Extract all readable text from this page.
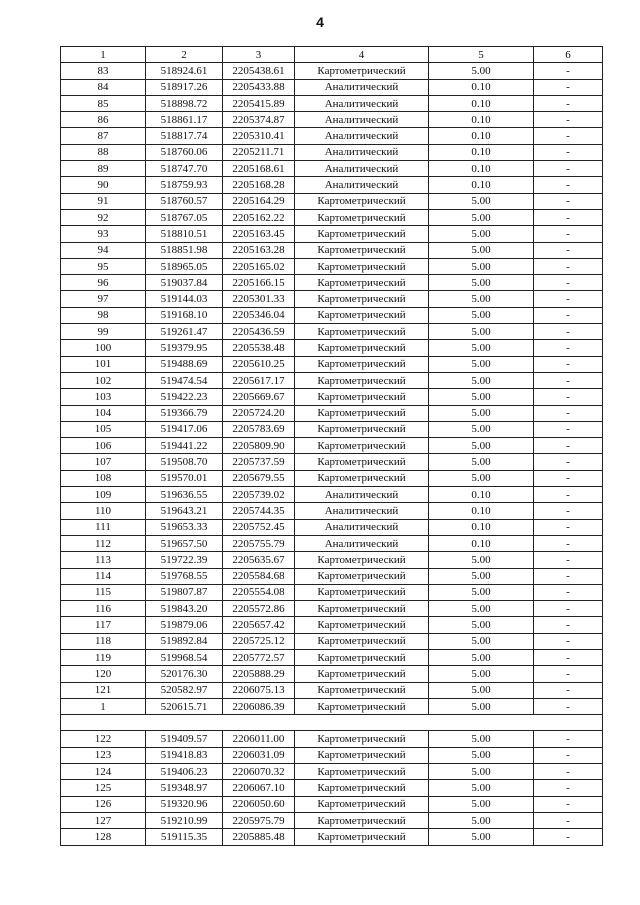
4
1	2	3	4	5	6
83	518924.61	2205438.61	Картометрический	5.00	-
84	518917.26	2205433.88	Аналитический	0.10	-
85	518898.72	2205415.89	Аналитический	0.10	-
86	518861.17	2205374.87	Аналитический	0.10	-
87	518817.74	2205310.41	Аналитический	0.10	-
88	518760.06	2205211.71	Аналитический	0.10	-
89	518747.70	2205168.61	Аналитический	0.10	-
90	518759.93	2205168.28	Аналитический	0.10	-
91	518760.57	2205164.29	Картометрический	5.00	-
92	518767.05	2205162.22	Картометрический	5.00	-
93	518810.51	2205163.45	Картометрический	5.00	-
94	518851.98	2205163.28	Картометрический	5.00	-
95	518965.05	2205165.02	Картометрический	5.00	-
96	519037.84	2205166.15	Картометрический	5.00	-
97	519144.03	2205301.33	Картометрический	5.00	-
98	519168.10	2205346.04	Картометрический	5.00	-
99	519261.47	2205436.59	Картометрический	5.00	-
100	519379.95	2205538.48	Картометрический	5.00	-
101	519488.69	2205610.25	Картометрический	5.00	-
102	519474.54	2205617.17	Картометрический	5.00	-
103	519422.23	2205669.67	Картометрический	5.00	-
104	519366.79	2205724.20	Картометрический	5.00	-
105	519417.06	2205783.69	Картометрический	5.00	-
106	519441.22	2205809.90	Картометрический	5.00	-
107	519508.70	2205737.59	Картометрический	5.00	-
108	519570.01	2205679.55	Картометрический	5.00	-
109	519636.55	2205739.02	Аналитический	0.10	-
110	519643.21	2205744.35	Аналитический	0.10	-
111	519653.33	2205752.45	Аналитический	0.10	-
112	519657.50	2205755.79	Аналитический	0.10	-
113	519722.39	2205635.67	Картометрический	5.00	-
114	519768.55	2205584.68	Картометрический	5.00	-
115	519807.87	2205554.08	Картометрический	5.00	-
116	519843.20	2205572.86	Картометрический	5.00	-
117	519879.06	2205657.42	Картометрический	5.00	-
118	519892.84	2205725.12	Картометрический	5.00	-
119	519968.54	2205772.57	Картометрический	5.00	-
120	520176.30	2205888.29	Картометрический	5.00	-
121	520582.97	2206075.13	Картометрический	5.00	-
1	520615.71	2206086.39	Картометрический	5.00	-

122	519409.57	2206011.00	Картометрический	5.00	-
123	519418.83	2206031.09	Картометрический	5.00	-
124	519406.23	2206070.32	Картометрический	5.00	-
125	519348.97	2206067.10	Картометрический	5.00	-
126	519320.96	2206050.60	Картометрический	5.00	-
127	519210.99	2205975.79	Картометрический	5.00	-
128	519115.35	2205885.48	Картометрический	5.00	-
